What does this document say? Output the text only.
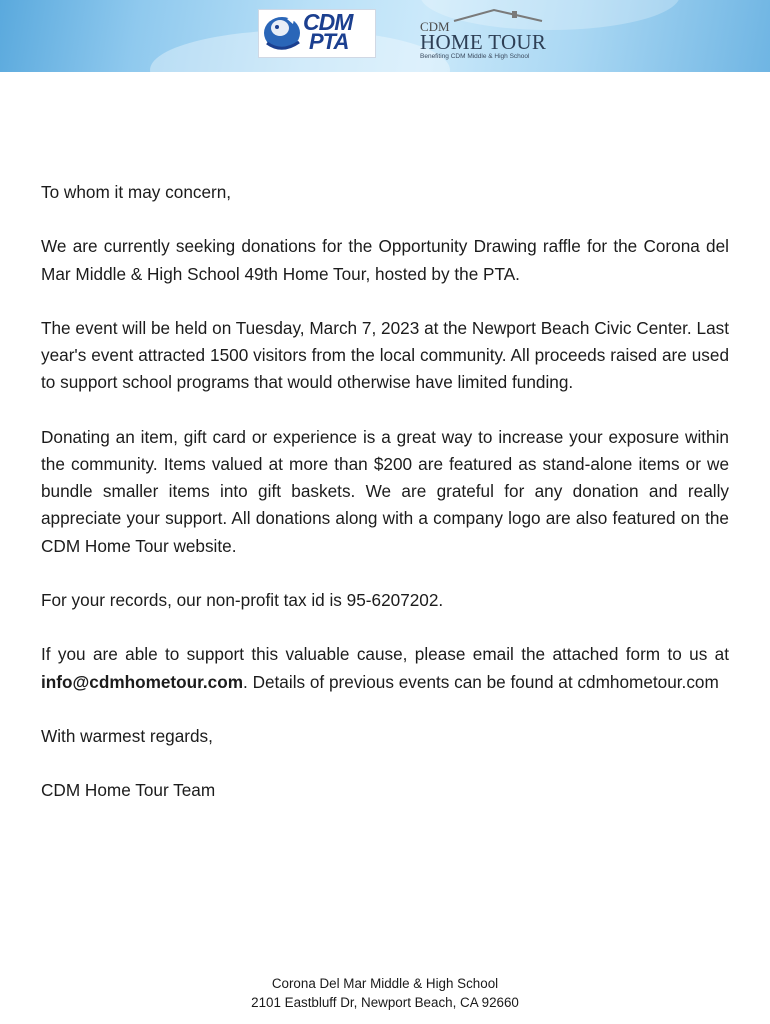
CDM
PTA
CDM
HOME TOUR
Benefiting CDM Middle & High School

To whom it may concern,

We are currently seeking donations for the Opportunity Drawing raffle for the Corona del Mar Middle & High School 49th Home Tour, hosted by the PTA.

The event will be held on Tuesday, March 7, 2023 at the Newport Beach Civic Center. Last year's event attracted 1500 visitors from the local community. All proceeds raised are used to support school programs that would otherwise have limited funding.

Donating an item, gift card or experience is a great way to increase your exposure within the community. Items valued at more than $200 are featured as stand-alone items or we bundle smaller items into gift baskets. We are grateful for any donation and really appreciate your support. All donations along with a company logo are also featured on the CDM Home Tour website.

For your records, our non-profit tax id is 95-6207202.

If you are able to support this valuable cause, please email the attached form to us at info@cdmhometour.com. Details of previous events can be found at cdmhometour.com

With warmest regards,

CDM Home Tour Team

Corona Del Mar Middle & High School
2101 Eastbluff Dr, Newport Beach, CA 92660
